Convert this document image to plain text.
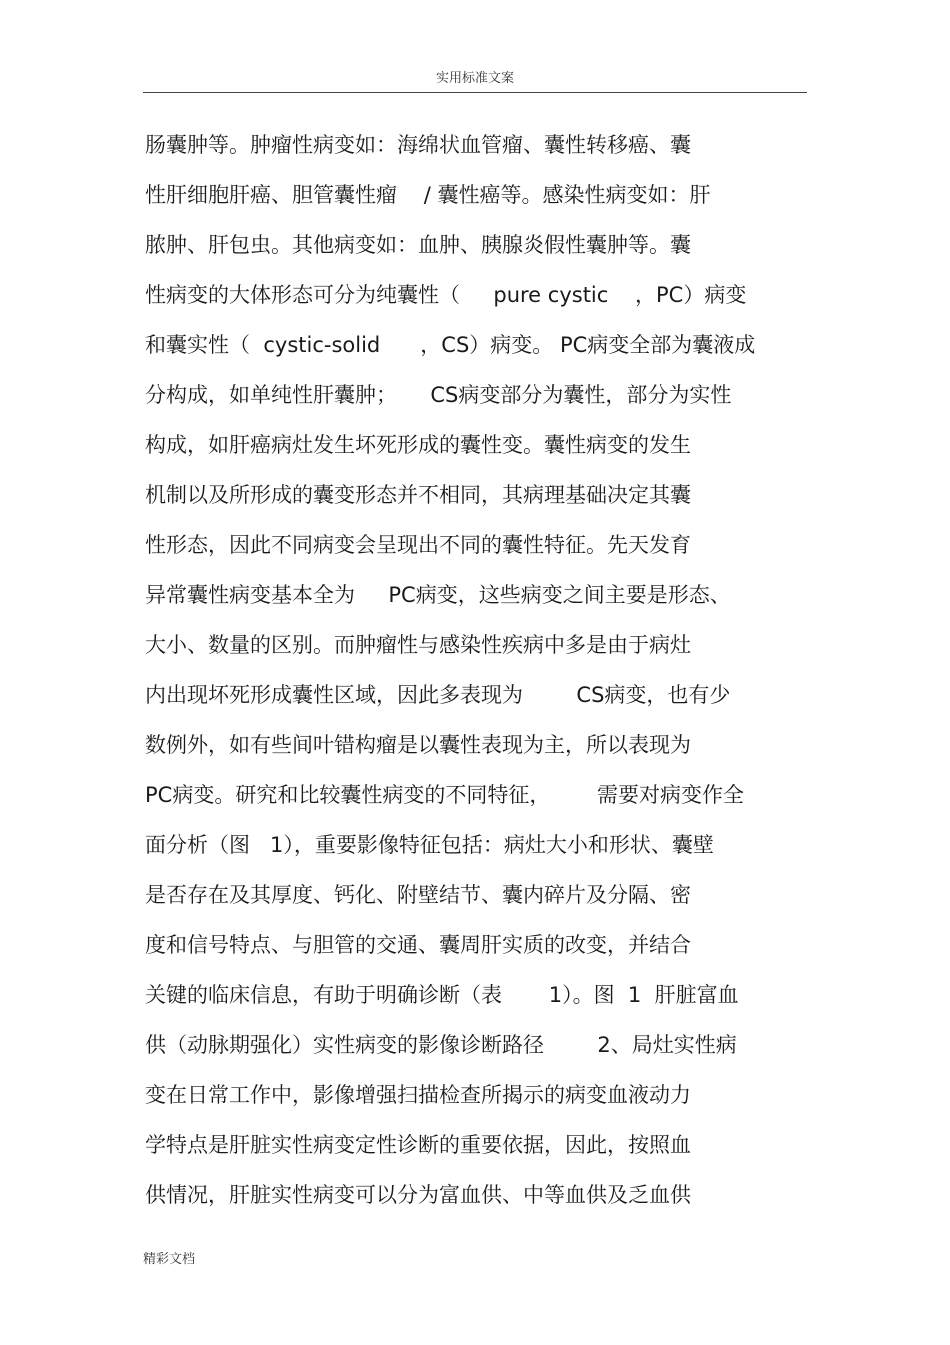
实用标准文案
肠囊肿等。肿瘤性病变如：海绵状血管瘤、囊性转移癌、囊
性肝细胞肝癌、胆管囊性瘤    / 囊性癌等。感染性病变如：肝
脓肿、肝包虫。其他病变如：血肿、胰腺炎假性囊肿等。囊
性病变的大体形态可分为纯囊性（     pure cystic    ，PC）病变
和囊实性（  cystic-solid      ，CS）病变。 PC病变全部为囊液成
分构成，如单纯性肝囊肿；     CS病变部分为囊性，部分为实性
构成，如肝癌病灶发生坏死形成的囊性变。囊性病变的发生
机制以及所形成的囊变形态并不相同，其病理基础决定其囊
性形态，因此不同病变会呈现出不同的囊性特征。先天发育
异常囊性病变基本全为     PC病变，这些病变之间主要是形态、
大小、数量的区别。而肿瘤性与感染性疾病中多是由于病灶
内出现坏死形成囊性区域，因此多表现为        CS病变，也有少
数例外，如有些间叶错构瘤是以囊性表现为主，所以表现为
PC病变。研究和比较囊性病变的不同特征，       需要对病变作全
面分析（图   1），重要影像特征包括：病灶大小和形状、囊壁
是否存在及其厚度、钙化、附壁结节、囊内碎片及分隔、密
度和信号特点、与胆管的交通、囊周肝实质的改变，并结合
关键的临床信息，有助于明确诊断（表       1）。图  1  肝脏富血
供（动脉期强化）实性病变的影像诊断路径        2、局灶实性病
变在日常工作中，影像增强扫描检查所揭示的病变血液动力
学特点是肝脏实性病变定性诊断的重要依据，因此，按照血
供情况，肝脏实性病变可以分为富血供、中等血供及乏血供
精彩文档
